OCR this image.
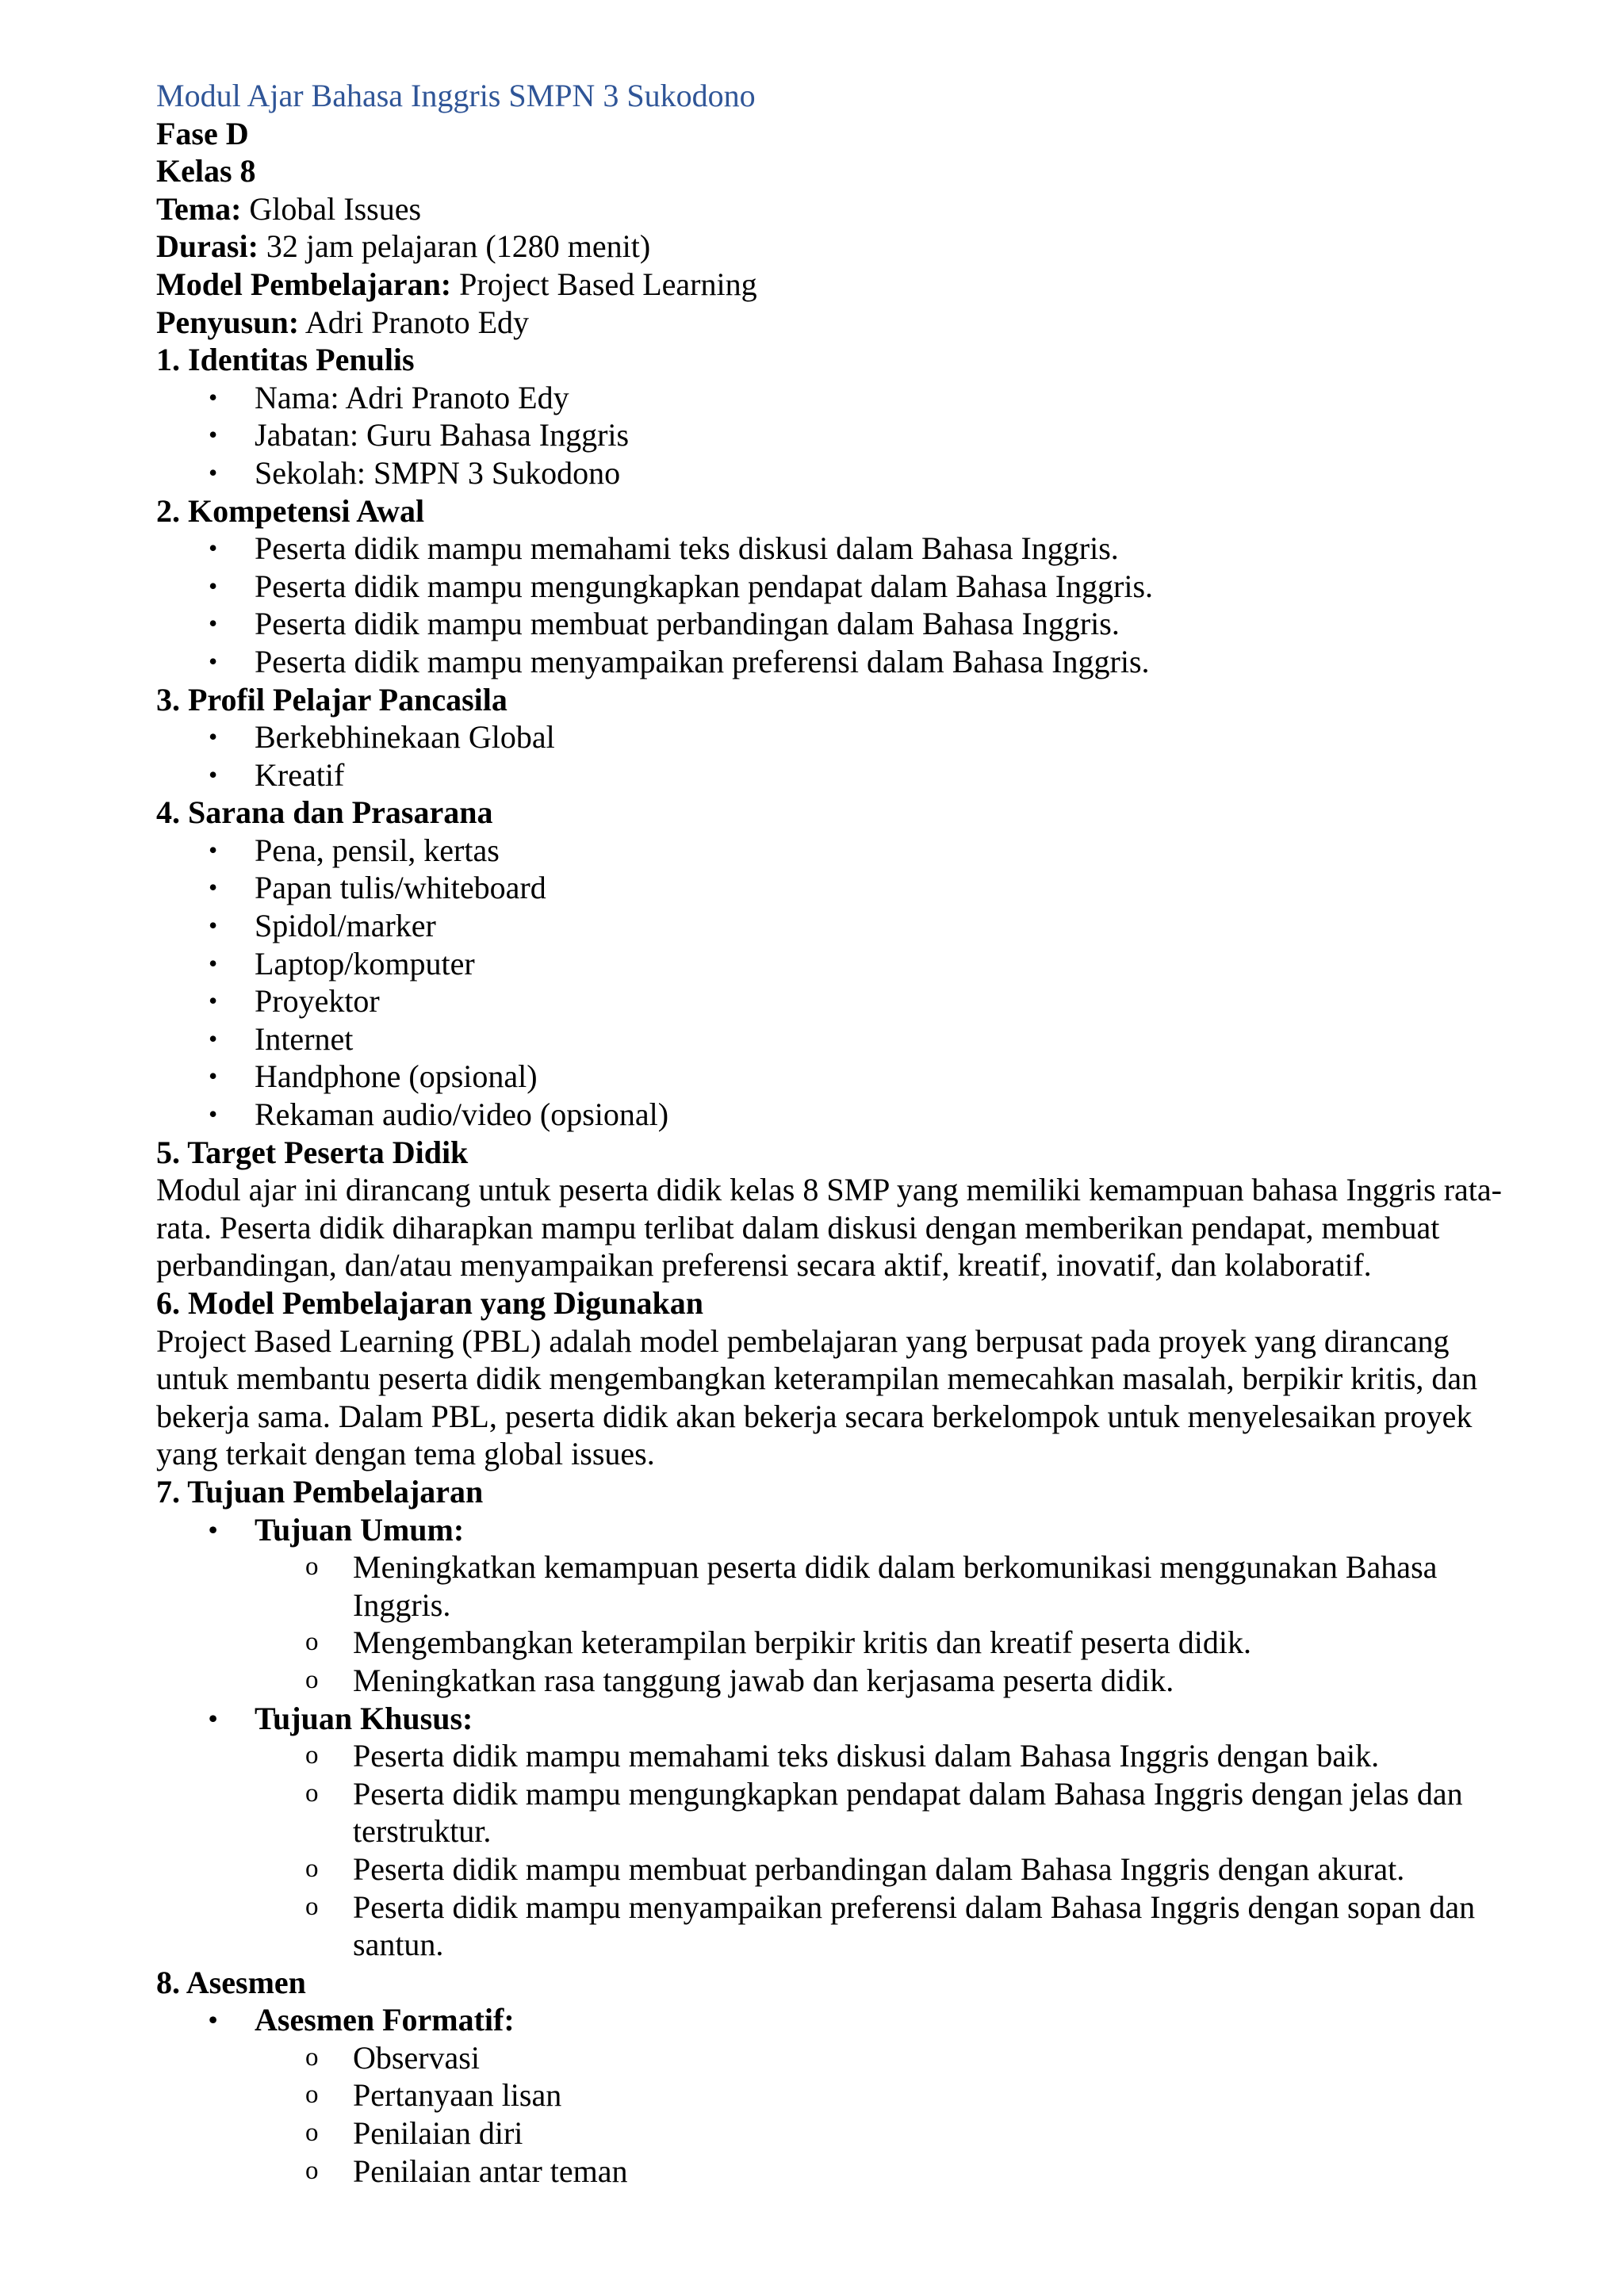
Modul Ajar Bahasa Inggris SMPN 3 Sukodono
Fase D
Kelas 8
Tema: Global Issues
Durasi: 32 jam pelajaran (1280 menit)
Model Pembelajaran: Project Based Learning
Penyusun: Adri Pranoto Edy
1. Identitas Penulis
• Nama: Adri Pranoto Edy
• Jabatan: Guru Bahasa Inggris
• Sekolah: SMPN 3 Sukodono
2. Kompetensi Awal
• Peserta didik mampu memahami teks diskusi dalam Bahasa Inggris.
• Peserta didik mampu mengungkapkan pendapat dalam Bahasa Inggris.
• Peserta didik mampu membuat perbandingan dalam Bahasa Inggris.
• Peserta didik mampu menyampaikan preferensi dalam Bahasa Inggris.
3. Profil Pelajar Pancasila
• Berkebhinekaan Global
• Kreatif
4. Sarana dan Prasarana
• Pena, pensil, kertas
• Papan tulis/whiteboard
• Spidol/marker
• Laptop/komputer
• Proyektor
• Internet
• Handphone (opsional)
• Rekaman audio/video (opsional)
5. Target Peserta Didik
Modul ajar ini dirancang untuk peserta didik kelas 8 SMP yang memiliki kemampuan bahasa Inggris rata-
rata. Peserta didik diharapkan mampu terlibat dalam diskusi dengan memberikan pendapat, membuat
perbandingan, dan/atau menyampaikan preferensi secara aktif, kreatif, inovatif, dan kolaboratif.
6. Model Pembelajaran yang Digunakan
Project Based Learning (PBL) adalah model pembelajaran yang berpusat pada proyek yang dirancang
untuk membantu peserta didik mengembangkan keterampilan memecahkan masalah, berpikir kritis, dan
bekerja sama. Dalam PBL, peserta didik akan bekerja secara berkelompok untuk menyelesaikan proyek
yang terkait dengan tema global issues.
7. Tujuan Pembelajaran
• Tujuan Umum:
o Meningkatkan kemampuan peserta didik dalam berkomunikasi menggunakan Bahasa
Inggris.
o Mengembangkan keterampilan berpikir kritis dan kreatif peserta didik.
o Meningkatkan rasa tanggung jawab dan kerjasama peserta didik.
• Tujuan Khusus:
o Peserta didik mampu memahami teks diskusi dalam Bahasa Inggris dengan baik.
o Peserta didik mampu mengungkapkan pendapat dalam Bahasa Inggris dengan jelas dan
terstruktur.
o Peserta didik mampu membuat perbandingan dalam Bahasa Inggris dengan akurat.
o Peserta didik mampu menyampaikan preferensi dalam Bahasa Inggris dengan sopan dan
santun.
8. Asesmen
• Asesmen Formatif:
o Observasi
o Pertanyaan lisan
o Penilaian diri
o Penilaian antar teman
